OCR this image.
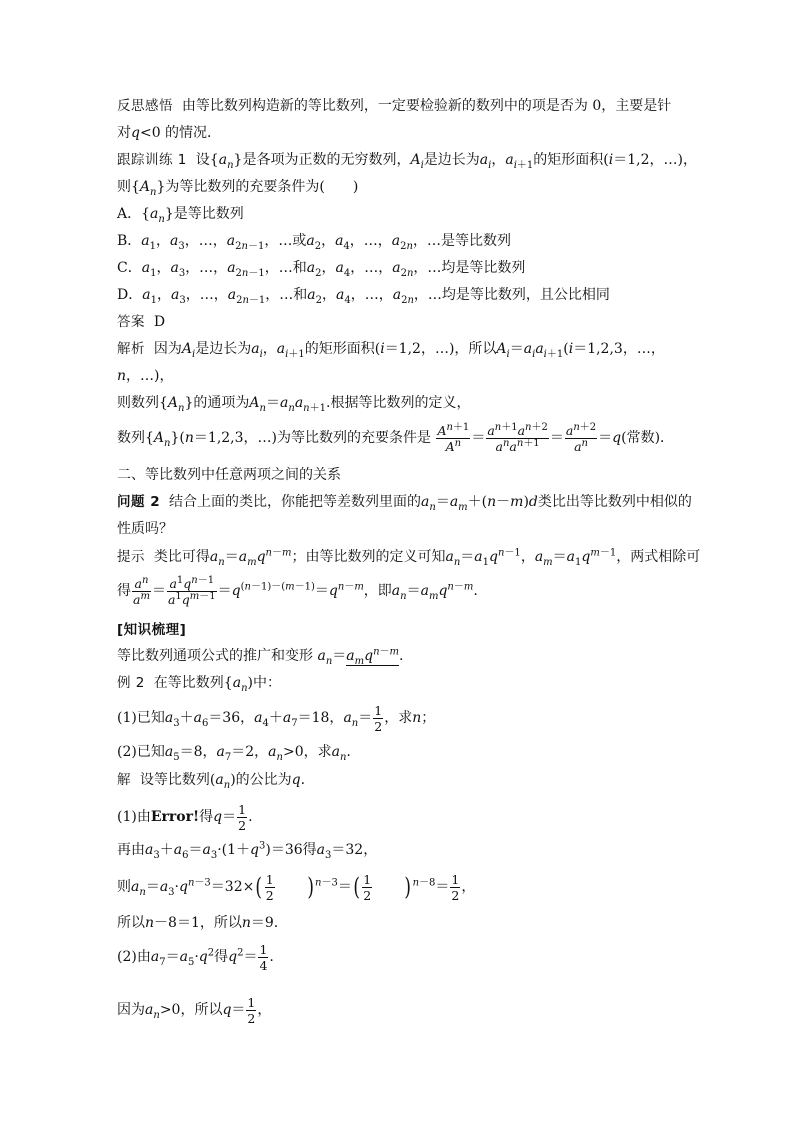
反思感悟 由等比数列构造新的等比数列，一定要检验新的数列中的项是否为 0，主要是针
对q<0 的情况．
跟踪训练 1 设$\{a_n\}$是各项为正数的无穷数列，$A_i$是边长为$a_i$，$a_{i+1}$的矩形面积(i＝1,2，…)，
则$\{A_n\}$为等比数列的充要条件为(　　)
A．$\{a_n\}$是等比数列
B．$a_1$，$a_3$，…，$a_{2n-1}$，…或$a_2$，$a_4$，…，$a_{2n}$，…是等比数列
C．$a_1$，$a_3$，…，$a_{2n-1}$，…和$a_2$，$a_4$，…，$a_{2n}$，…均是等比数列
D．$a_1$，$a_3$，…，$a_{2n-1}$，…和$a_2$，$a_4$，…，$a_{2n}$，…均是等比数列，且公比相同
答案 D
解析 因为$A_i$是边长为$a_i$，$a_{i+1}$的矩形面积(i＝1,2，…)，所以$A_i=a_ia_{i+1}(i=1,2,3$，…，
n，…)，
则数列$\{A_n\}$的通项为$A_n=a_na_{n+1}$.根据等比数列的定义，
数列$\{A_n\}(n=1,2,3$，…)为等比数列的充要条件是 $\frac{A^{n+1}}{A^n} = \frac{a^{n+1}a^{n+2}}{a^na^{n+1}} = \frac{a^{n+2}}{a^n} =q$(常数)．
二、等比数列中任意两项之间的关系
问题 2 结合上面的类比，你能把等差数列里面的$a_n=a_m+(n-m)d$类比出等比数列中相似的
性质吗？
提示 类比可得$a_n=a_mq^{n-m}$；由等比数列的定义可知$a_n=a_1q^{n-1}$，$a_m=a_1q^{m-1}$，两式相除可
得 $\frac{a^n}{a^m} = \frac{a^1q^{n-1}}{a^1q^{m-1}} =q^{(n-1)-(m-1)}=q^{n-m}$，即$a_n=a_mq^{n-m}$.
[知识梳理]
等比数列通项公式的推广和变形 $a_n=a_mq^{n-m}$.
例 2 在等比数列$\{a_n)$中：
(1)已知$a_3+a_6=36$，$a_4+a_7=18$，$a_n= \frac{1}{2}$ ，求n；
(2)已知$a_5=8$，$a_7=2$，$a_n>0$，求$a_n$.
解 设等比数列$(a_n)$的公比为q.
(1)由Error!得$q= \frac{1}{2}$ .
再由$a_3+a_6=a_3\cdot(1+q^3)=36$得$a_3=32$，
则$a_n=a_3\cdot q^{n-3}=32\times( \frac{1}{2} )^{n-3}=( \frac{1}{2} )^{n-8}= \frac{1}{2}$ ，
所以n－8＝1，所以n＝9.
(2)由$a_7=a_5\cdot q^2$得$q^2= \frac{1}{4}$ .
因为$a_n>0$，所以$q= \frac{1}{2}$ ，
